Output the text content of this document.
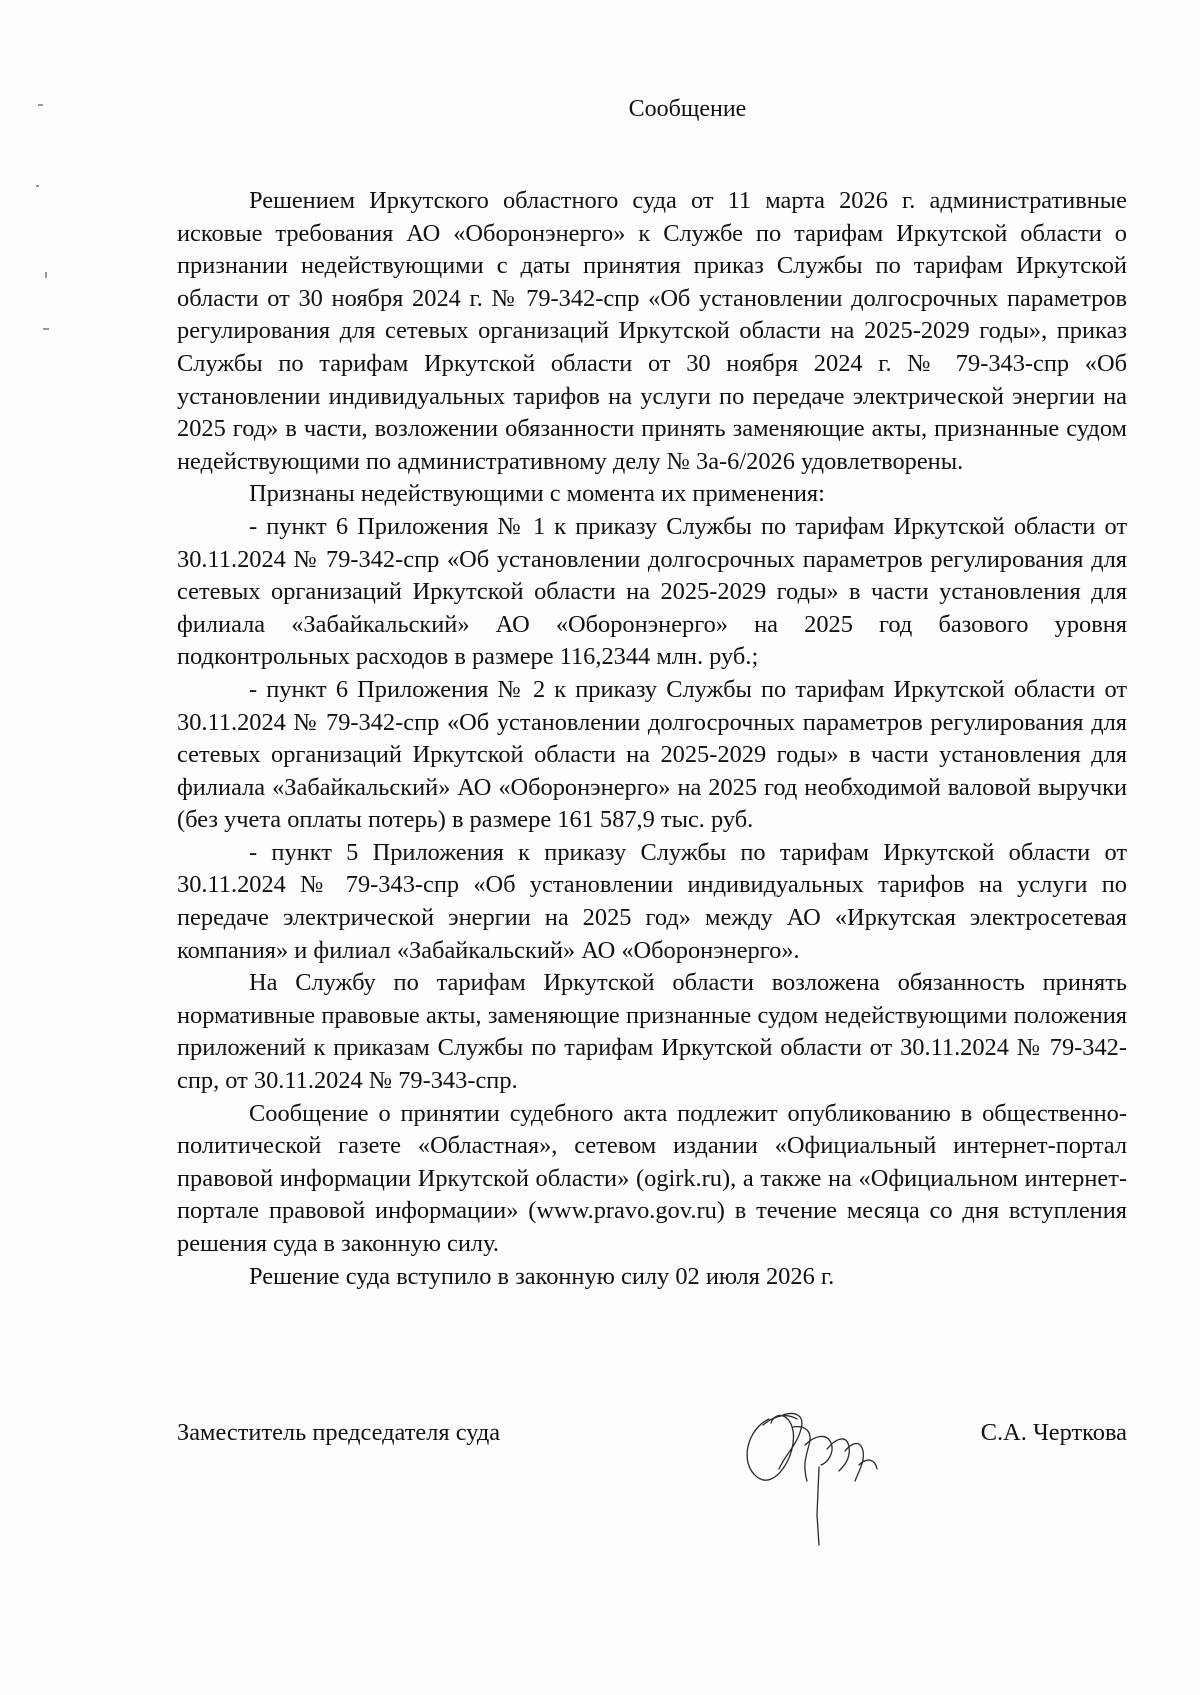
Сообщение

Решением Иркутского областного суда от 11 марта 2026 г. административные исковые требования АО «Оборонэнерго» к Службе по тарифам Иркутской области о признании недействующими с даты принятия приказ Службы по тарифам Иркутской области от 30 ноября 2024 г. № 79-342-спр «Об установлении долгосрочных параметров регулирования для сетевых организаций Иркутской области на 2025-2029 годы», приказ Службы по тарифам Иркутской области от 30 ноября 2024 г. № 79-343-спр «Об установлении индивидуальных тарифов на услуги по передаче электрической энергии на 2025 год» в части, возложении обязанности принять заменяющие акты, признанные судом недействующими по административному делу № 3а-6/2026 удовлетворены.

Признаны недействующими с момента их применения:

- пункт 6 Приложения № 1 к приказу Службы по тарифам Иркутской области от 30.11.2024 № 79-342-спр «Об установлении долгосрочных параметров регулирования для сетевых организаций Иркутской области на 2025-2029 годы» в части установления для филиала «Забайкальский» АО «Оборонэнерго» на 2025 год базового уровня подконтрольных расходов в размере 116,2344 млн. руб.;

- пункт 6 Приложения № 2 к приказу Службы по тарифам Иркутской области от 30.11.2024 № 79-342-спр «Об установлении долгосрочных параметров регулирования для сетевых организаций Иркутской области на 2025-2029 годы» в части установления для филиала «Забайкальский» АО «Оборонэнерго» на 2025 год необходимой валовой выручки (без учета оплаты потерь) в размере 161 587,9 тыс. руб.

- пункт 5 Приложения к приказу Службы по тарифам Иркутской области от 30.11.2024 № 79-343-спр «Об установлении индивидуальных тарифов на услуги по передаче электрической энергии на 2025 год» между АО «Иркутская электросетевая компания» и филиал «Забайкальский» АО «Оборонэнерго».

На Службу по тарифам Иркутской области возложена обязанность принять нормативные правовые акты, заменяющие признанные судом недействующими положения приложений к приказам Службы по тарифам Иркутской области от 30.11.2024 № 79-342-спр, от 30.11.2024 № 79-343-спр.

Сообщение о принятии судебного акта подлежит опубликованию в общественно-политической газете «Областная», сетевом издании «Официальный интернет-портал правовой информации Иркутской области» (ogirk.ru), а также на «Официальном интернет-портале правовой информации» (www.pravo.gov.ru) в течение месяца со дня вступления решения суда в законную силу.

Решение суда вступило в законную силу 02 июля 2026 г.

Заместитель председателя суда	С.А. Черткова
